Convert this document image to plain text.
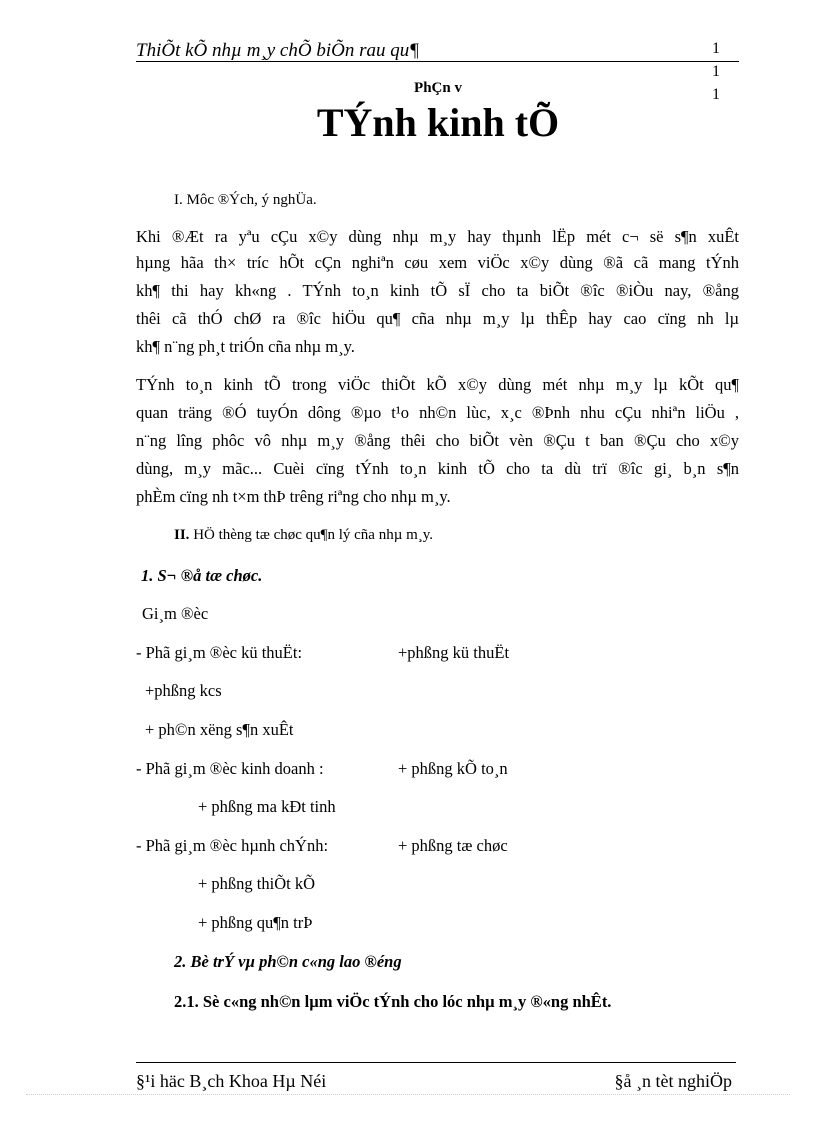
ThiÕt kÕ nhµ m¸y chÕ biÕn rau qu¶	1
1
1
PhÇn v
TÝnh kinh tÕ
I. Môc ®Ých, ý nghÜa.
Khi ®Æt ra yªu cÇu x©y dùng nhµ m¸y hay thµnh lËp mét c¬ së s¶n xuÊt
hµng hãa th× tríc hÕt cÇn nghiªn cøu xem viÖc x©y dùng ®ã cã mang tÝnh
kh¶ thi hay kh«ng . TÝnh to¸n kinh tÕ sÏ cho ta biÕt ®îc ®iÒu nay, ®ång
thêi cã thÓ chØ ra ®îc hiÖu qu¶ cña nhµ m¸y lµ thÊp hay cao cïng nh lµ
kh¶ n¨ng ph¸t triÓn cña nhµ m¸y.
TÝnh to¸n kinh tÕ trong viÖc thiÕt kÕ x©y dùng mét nhµ m¸y lµ kÕt qu¶
quan träng ®Ó tuyÓn dông ®µo t¹o nh©n lùc, x¸c ®Þnh nhu cÇu nhiªn liÖu ,
n¨ng lîng phôc vô nhµ m¸y ®ång thêi cho biÕt vèn ®Çu t ban ®Çu cho x©y
dùng, m¸y mãc... Cuèi cïng tÝnh to¸n kinh tÕ cho ta dù trï ®îc gi¸ b¸n s¶n
phÈm cïng nh t×m thÞ trêng riªng cho nhµ m¸y.
II. HÖ thèng tæ chøc qu¶n lý cña nhµ m¸y.
1. S¬ ®å tæ chøc.
Gi¸m ®èc
- Phã gi¸m ®èc kü thuËt:	+phßng kü thuËt
+phßng kcs
+ ph©n xëng s¶n xuÊt
- Phã gi¸m ®èc kinh doanh :	+ phßng kÕ to¸n
+ phßng ma kÐt tinh
- Phã gi¸m ®èc hµnh chÝnh:	+ phßng tæ chøc
+ phßng thiÕt kÕ
+ phßng qu¶n trÞ
2. Bè trÝ vµ ph©n c«ng lao ®éng
2.1. Sè c«ng nh©n lµm viÖc tÝnh cho lóc nhµ m¸y ®«ng nhÊt.
§¹i häc B¸ch Khoa Hµ Néi	§å ¸n tèt nghiÖp
